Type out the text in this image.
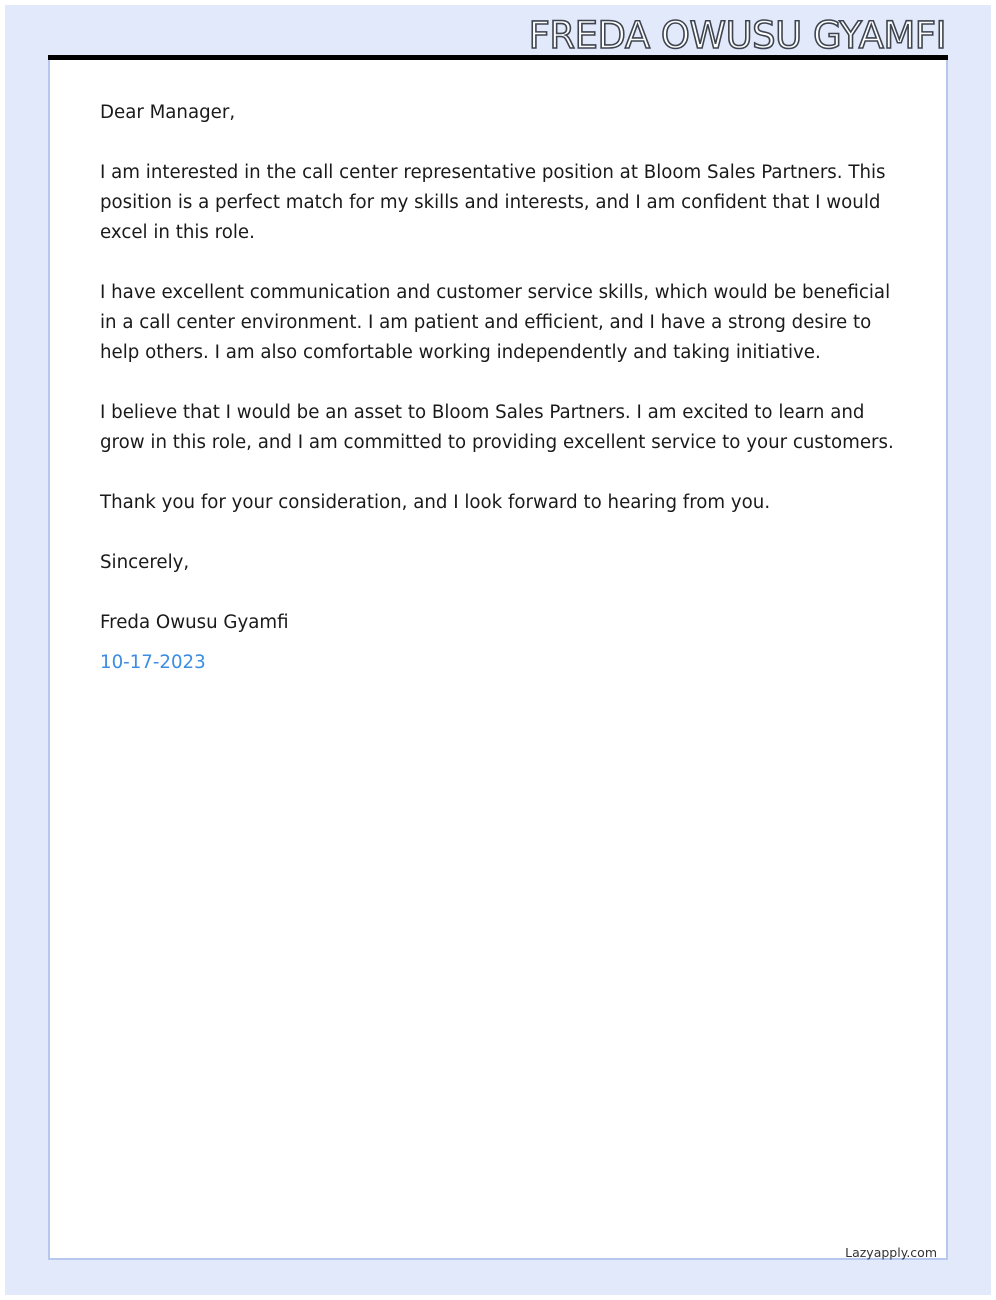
FREDA OWUSU GYAMFI

Dear Manager,

I am interested in the call center representative position at Bloom Sales Partners. This position is a perfect match for my skills and interests, and I am confident that I would excel in this role.

I have excellent communication and customer service skills, which would be beneficial in a call center environment. I am patient and efficient, and I have a strong desire to help others. I am also comfortable working independently and taking initiative.

I believe that I would be an asset to Bloom Sales Partners. I am excited to learn and grow in this role, and I am committed to providing excellent service to your customers.

Thank you for your consideration, and I look forward to hearing from you.

Sincerely,

Freda Owusu Gyamfi

10-17-2023

Lazyapply.com
